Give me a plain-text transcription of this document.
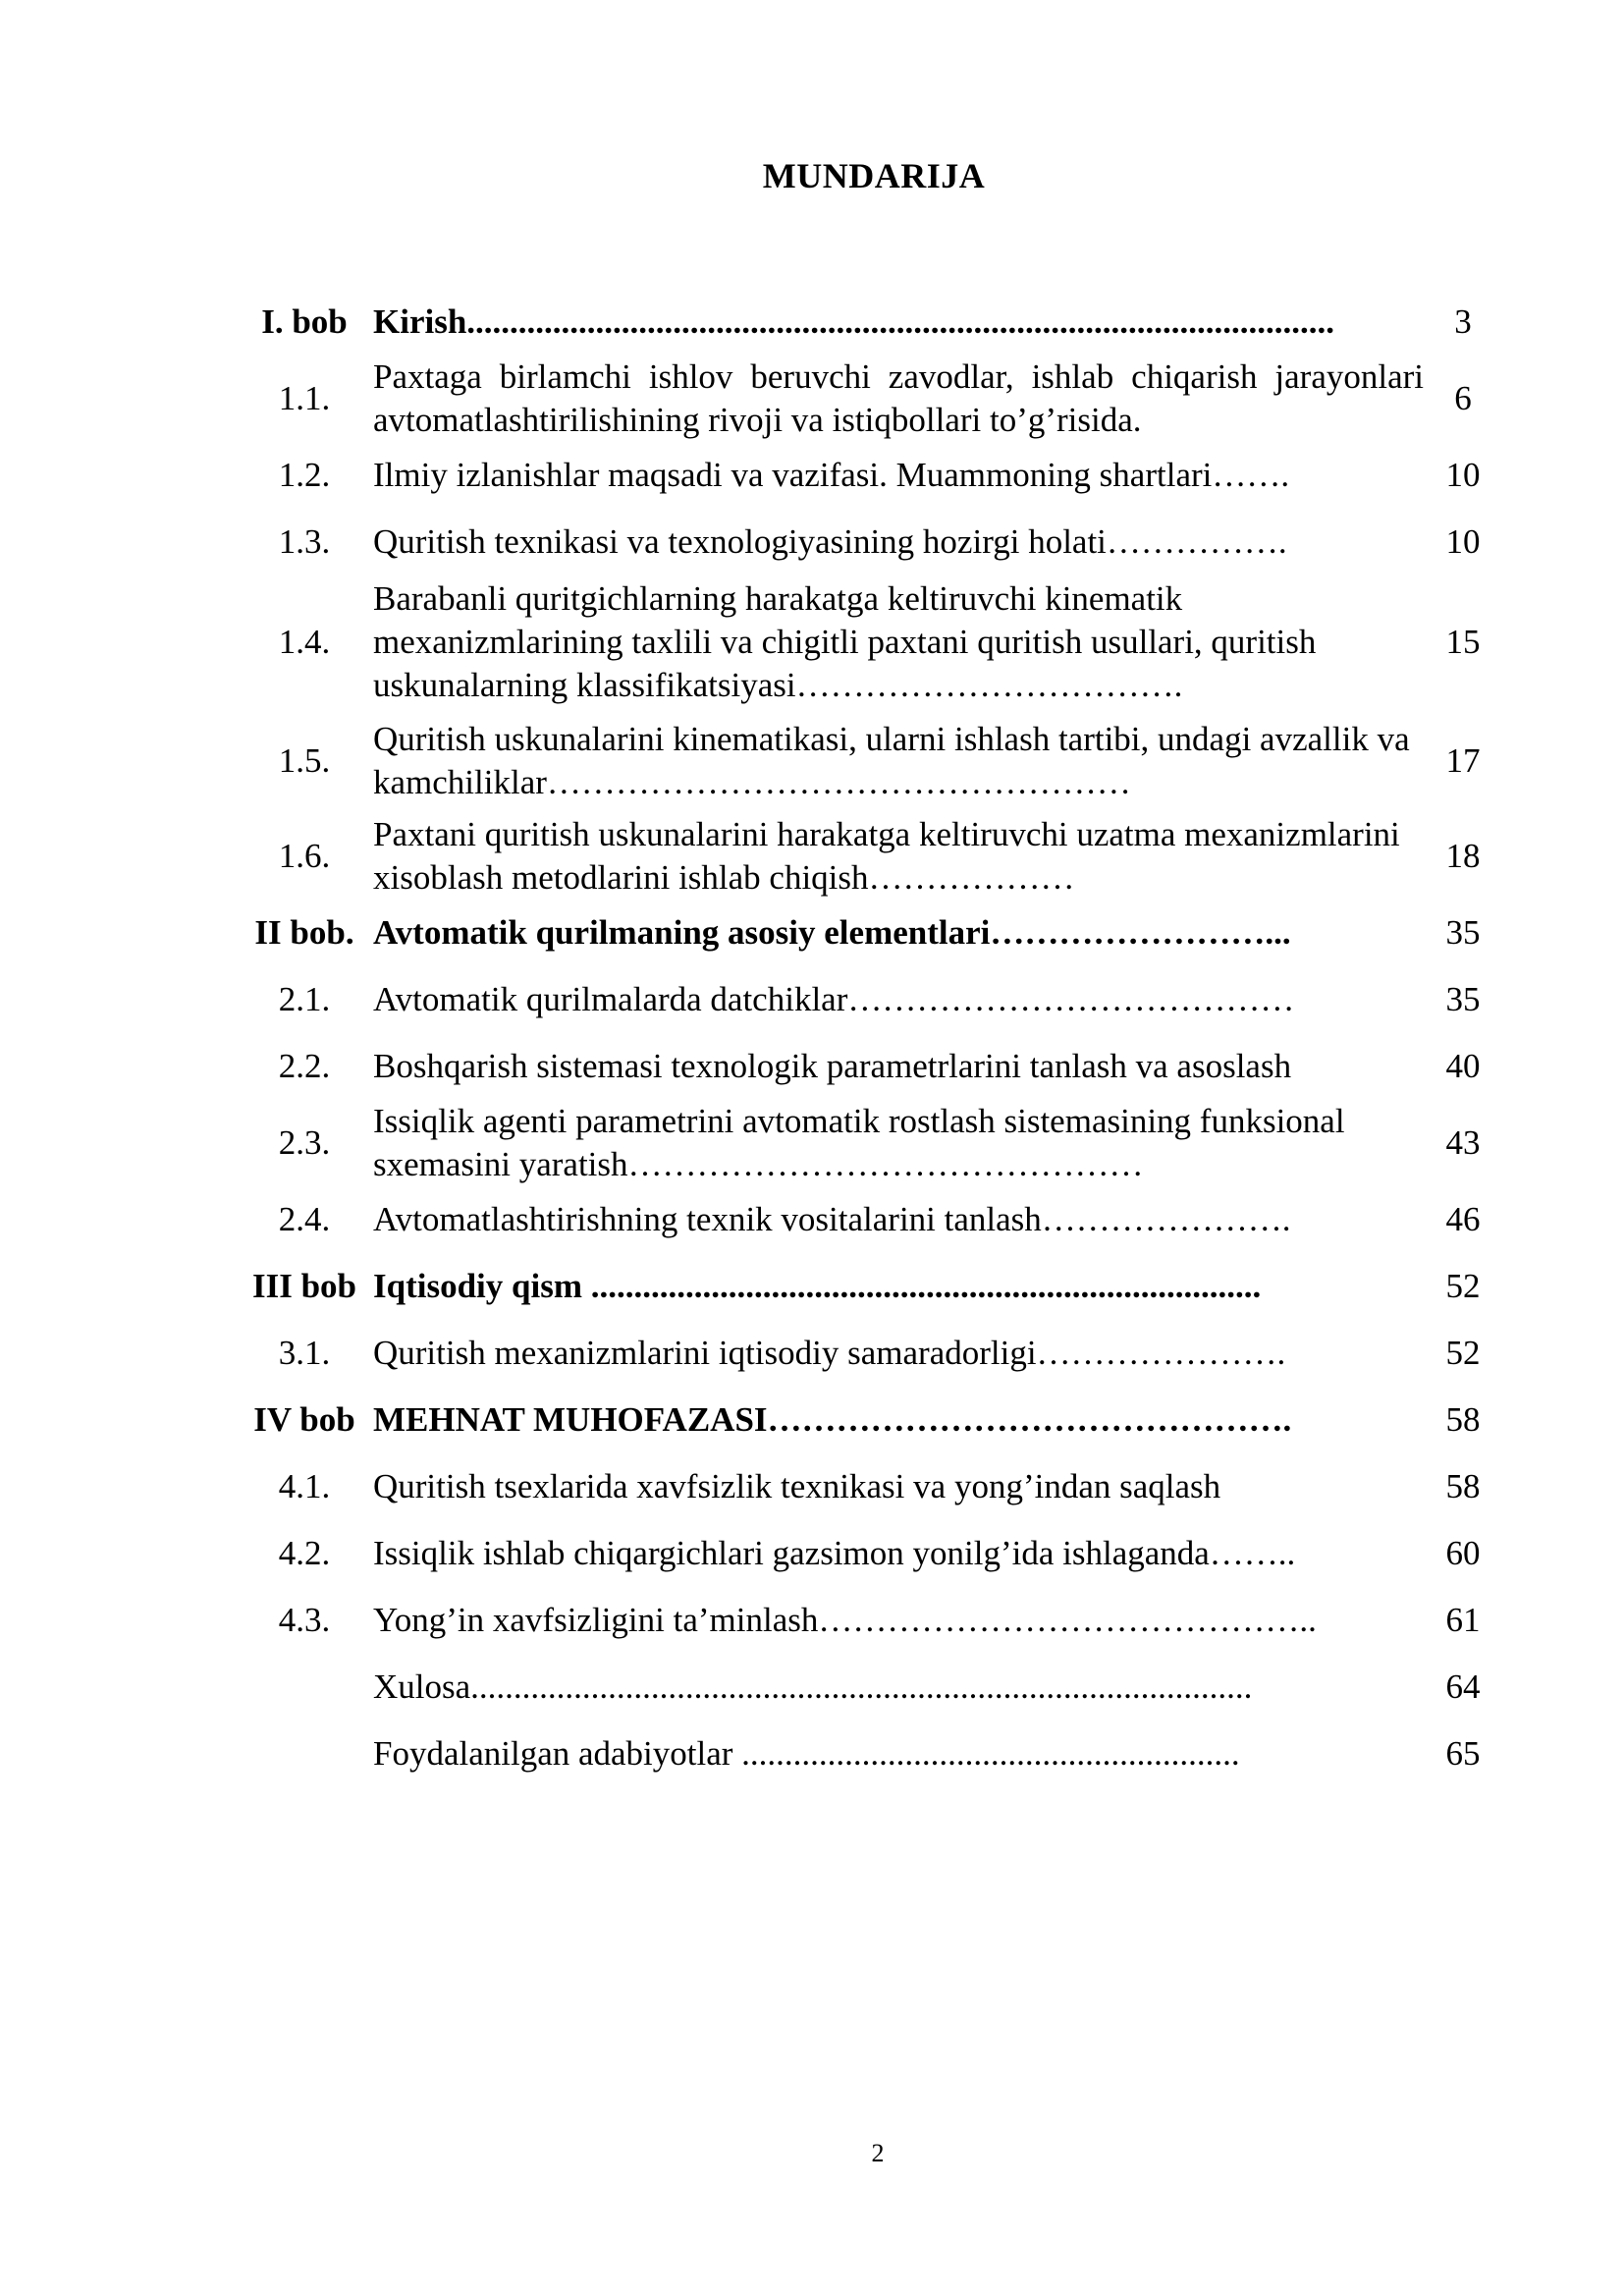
MUNDARIJA
I. bob	Kirish.....................................................................................................	3
1.1.	Paxtaga birlamchi ishlov beruvchi zavodlar, ishlab chiqarish jarayonlari avtomatlashtirilishining rivoji va istiqbollari to’g’risida.	6
1.2.	Ilmiy izlanishlar maqsadi va vazifasi. Muammoning shartlari…….	10
1.3.	Quritish texnikasi va texnologiyasining hozirgi holati…………….	10
1.4.	Barabanli quritgichlarning harakatga keltiruvchi kinematik mexanizmlarining taxlili va chigitli paxtani quritish usullari, quritish uskunalarning klassifikatsiyasi…………………………….	15
1.5.	Quritish uskunalarini kinematikasi, ularni ishlash tartibi, undagi avzallik va kamchiliklar……………………………………………	17
1.6.	Paxtani quritish uskunalarini harakatga keltiruvchi uzatma mexanizmlarini xisoblash metodlarini ishlab chiqish………………	18
II bob.	Avtomatik qurilmaning asosiy elementlari……………………...	35
2.1.	Avtomatik qurilmalarda datchiklar…………………………………	35
2.2.	Boshqarish sistemasi texnologik parametrlarini tanlash va asoslash	40
2.3.	Issiqlik agenti parametrini avtomatik rostlash sistemasining funksional sxemasini yaratish………………………………………	43
2.4.	Avtomatlashtirishning texnik vositalarini tanlash………………….	46
III bob	Iqtisodiy qism ..............................................................................	52
3.1.	Quritish mexanizmlarini iqtisodiy samaradorligi………………….	52
IV bob	MEHNAT MUHOFAZASI……………………………………….	58
4.1.	Quritish tsexlarida xavfsizlik texnikasi va yong’indan saqlash	58
4.2.	Issiqlik ishlab chiqargichlari gazsimon yonilg’ida ishlaganda……..	60
4.3.	Yong’in xavfsizligini ta’minlash……………………………………..	61
	Xulosa...........................................................................................	64
	Foydalanilgan adabiyotlar ..........................................................	65
2
